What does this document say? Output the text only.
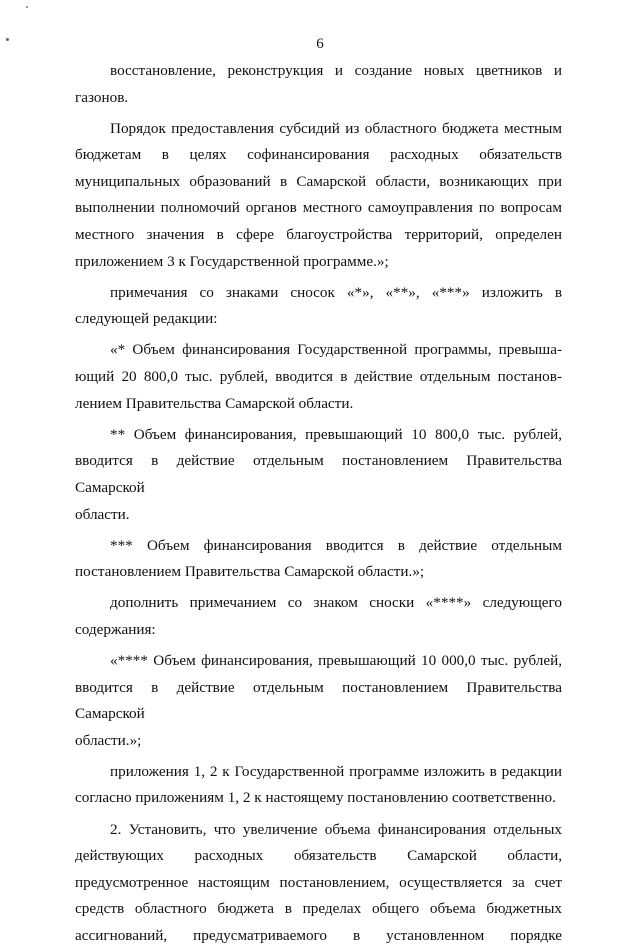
6
восстановление, реконструкция и создание новых цветников и
газонов.
Порядок предоставления субсидий из областного бюджета местным
бюджетам в целях софинансирования расходных обязательств
муниципальных образований в Самарской области, возникающих при
выполнении полномочий органов местного самоуправления по вопросам
местного значения в сфере благоустройства территорий, определен
приложением 3 к Государственной программе.»;
примечания со знаками сносок «*», «**», «***» изложить в
следующей редакции:
«* Объем финансирования Государственной программы, превыша-
ющий 20 800,0 тыс. рублей, вводится в действие отдельным постанов-
лением Правительства Самарской области.
** Объем финансирования, превышающий 10 800,0 тыс. рублей,
вводится в действие отдельным постановлением Правительства Самарской
области.
*** Объем финансирования вводится в действие отдельным
постановлением Правительства Самарской области.»;
дополнить примечанием со знаком сноски «****» следующего
содержания:
«**** Объем финансирования, превышающий 10 000,0 тыс. рублей,
вводится в действие отдельным постановлением Правительства Самарской
области.»;
приложения 1, 2 к Государственной программе изложить в редакции
согласно приложениям 1, 2 к настоящему постановлению соответственно.
2. Установить, что увеличение объема финансирования отдельных
действующих расходных обязательств Самарской области,
предусмотренное настоящим постановлением, осуществляется за счет
средств областного бюджета в пределах общего объема бюджетных
ассигнований, предусматриваемого в установленном порядке
